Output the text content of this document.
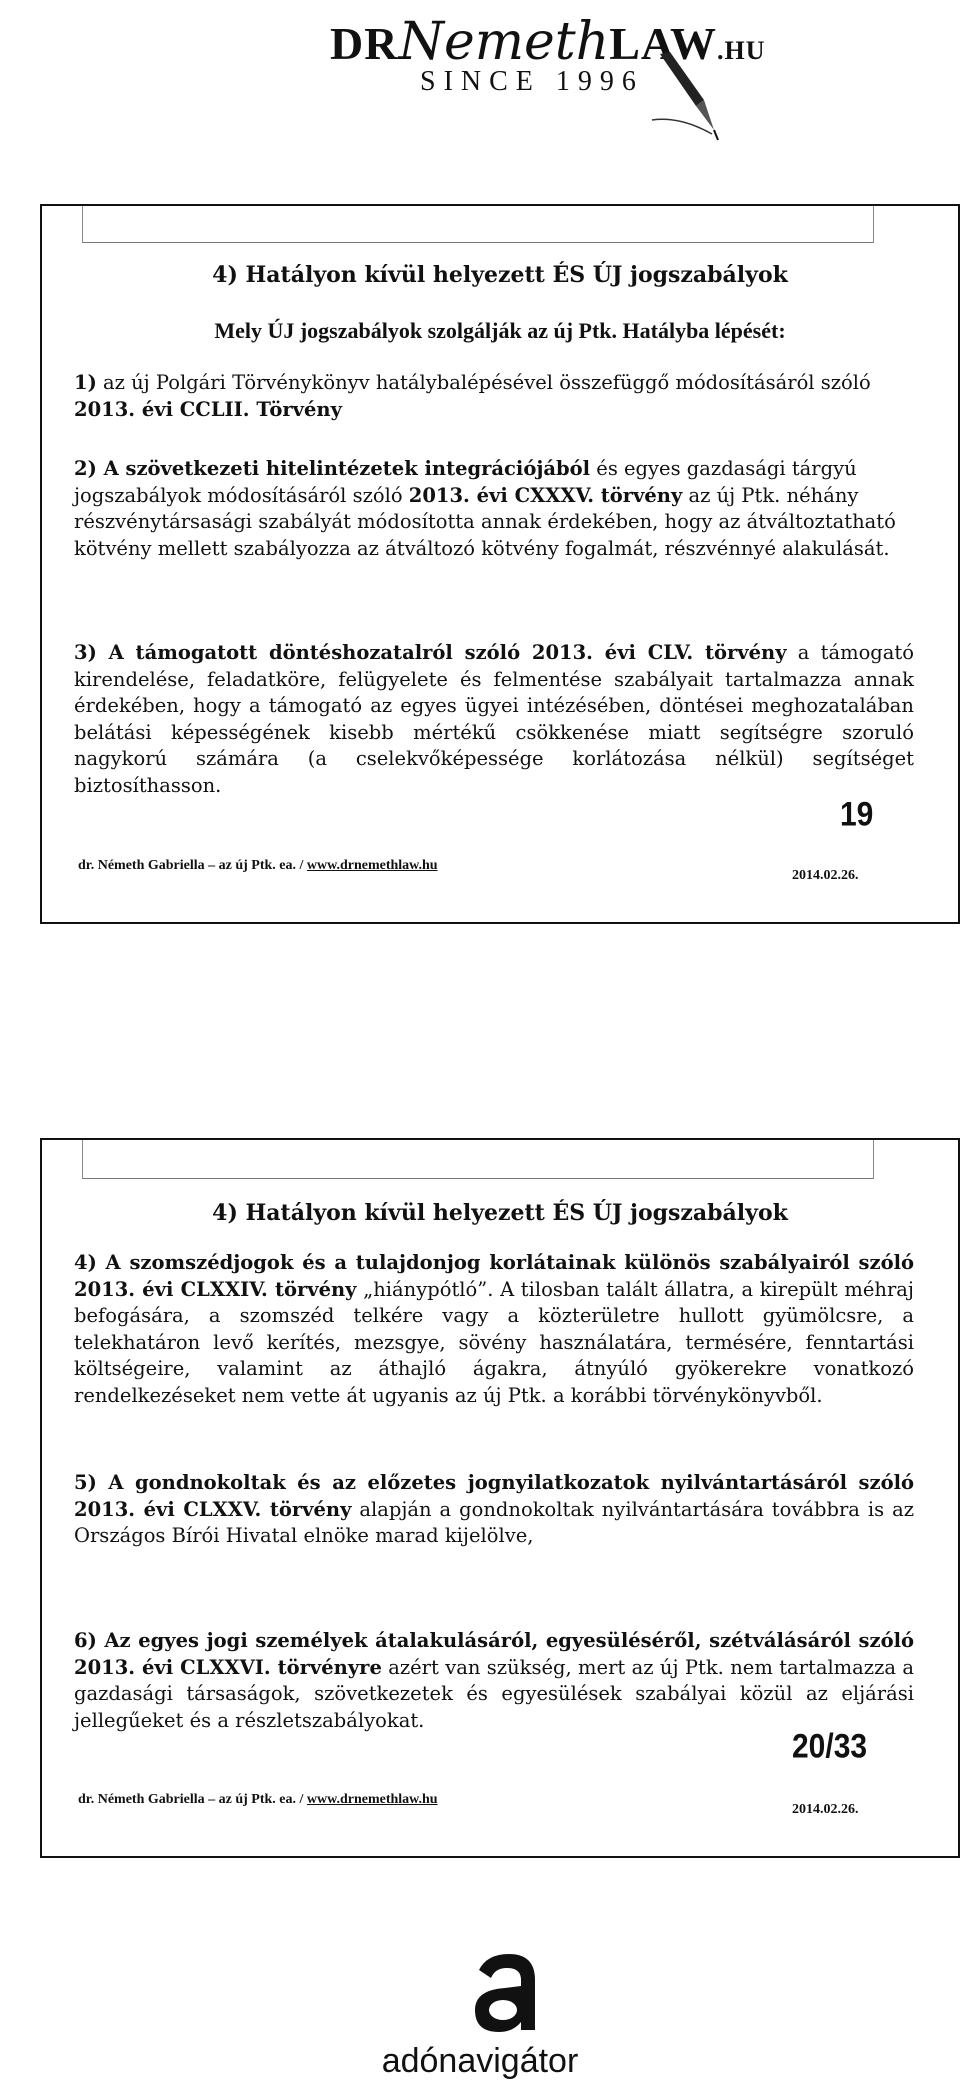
DRNemethLAW.HU
SINCE 1996
4) Hatályon kívül helyezett ÉS ÚJ jogszabályok
Mely ÚJ jogszabályok szolgálják az új Ptk. Hatályba lépését:
1) az új Polgári Törvénykönyv hatálybalépésével összefüggő módosításáról szóló 2013. évi CCLII. Törvény
2) A szövetkezeti hitelintézetek integrációjából és egyes gazdasági tárgyú jogszabályok módosításáról szóló 2013. évi CXXXV. törvény az új Ptk. néhány részvénytársasági szabályát módosította annak érdekében, hogy az átváltoztatható kötvény mellett szabályozza az átváltozó kötvény fogalmát, részvénnyé alakulását.
3) A támogatott döntéshozatalról szóló 2013. évi CLV. törvény a támogató kirendelése, feladatköre, felügyelete és felmentése szabályait tartalmazza annak érdekében, hogy a támogató az egyes ügyei intézésében, döntései meghozatalában belátási képességének kisebb mértékű csökkenése miatt segítségre szoruló nagykorú számára (a cselekvőképessége korlátozása nélkül) segítséget biztosíthasson.
19
dr. Németh Gabriella – az új Ptk. ea. / www.drnemethlaw.hu
2014.02.26.
4) Hatályon kívül helyezett ÉS ÚJ jogszabályok
4) A szomszédjogok és a tulajdonjog korlátainak különös szabályairól szóló 2013. évi CLXXIV. törvény „hiánypótló”. A tilosban talált állatra, a kirepült méhraj befogására, a szomszéd telkére vagy a közterületre hullott gyümölcsre, a telekhatáron levő kerítés, mezsgye, sövény használatára, termésére, fenntartási költségeire, valamint az áthajló ágakra, átnyúló gyökerekre vonatkozó rendelkezéseket nem vette át ugyanis az új Ptk. a korábbi törvénykönyvből.
5) A gondnokoltak és az előzetes jognyilatkozatok nyilvántartásáról szóló 2013. évi CLXXV. törvény alapján a gondnokoltak nyilvántartására továbbra is az Országos Bírói Hivatal elnöke marad kijelölve,
6) Az egyes jogi személyek átalakulásáról, egyesüléséről, szétválásáról szóló 2013. évi CLXXVI. törvényre azért van szükség, mert az új Ptk. nem tartalmazza a gazdasági társaságok, szövetkezetek és egyesülések szabályai közül az eljárási jellegűeket és a részletszabályokat.
20/33
dr. Németh Gabriella – az új Ptk. ea. / www.drnemethlaw.hu
2014.02.26.
adónavigátor
